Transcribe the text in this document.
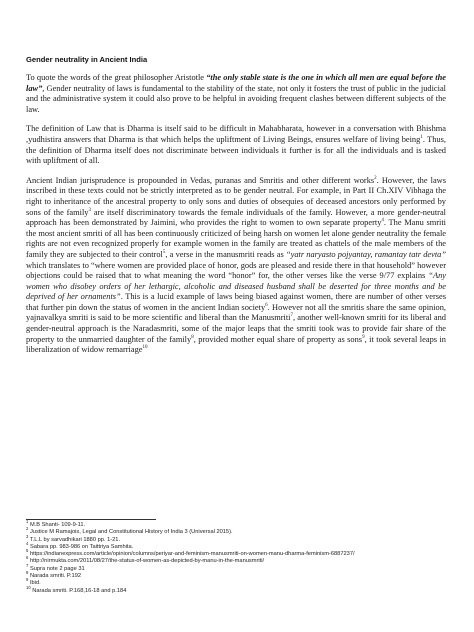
Gender neutrality in Ancient India

To quote the words of the great philosopher Aristotle “the only stable state is the one in which all men are equal before the law”, Gender neutrality of laws is fundamental to the stability of the state, not only it fosters the trust of public in the judicial and the administrative system it could also prove to be helpful in avoiding frequent clashes between different subjects of the law.

The definition of Law that is Dharma is itself said to be difficult in Mahabharata, however in a conversation with Bhishma ,yudhistira answers that Dharma is that which helps the upliftment of Living Beings, ensures welfare of living being$^1$. Thus, the definition of Dharma itself does not discriminate between individuals it further is for all the individuals and is tasked with upliftment of all.

Ancient Indian jurisprudence is propounded in Vedas, puranas and Smritis and other different works$^2$. However, the laws inscribed in these texts could not be strictly interpreted as to be gender neutral. For example, in Part II Ch.XIV Vibhaga the right to inheritance of the ancestral property to only sons and duties of obsequies of deceased ancestors only performed by sons of the family$^3$ are itself discriminatory towards the female individuals of the family. However, a more gender-neutral approach has been demonstrated by Jaimini, who provides the right to women to own separate property$^4$. The Manu smriti the most ancient smriti of all has been continuously criticized of being harsh on women let alone gender neutrality the female rights are not even recognized properly for example women in the family are treated as chattels of the male members of the family they are subjected to their control$^5$, a verse in the manusmriti reads as “yatr naryasto pojyantay, ramantay tatr devta” which translates to “where women are provided place of honor, gods are pleased and reside there in that household” however objections could be raised that to what meaning the word “honor” for, the other verses like the verse 9/77 explains “Any women who disobey orders of her lethargic, alcoholic and diseased husband shall be deserted for three months and be deprived of her ornaments”. This is a lucid example of laws being biased against women, there are number of other verses that further pin down the status of women in the ancient Indian society$^6$. However not all the smritis share the same opinion, yajnavalkya smriti is said to be more scientific and liberal than the Manusmriti$^7$, another well-known smriti for its liberal and gender-neutral approach is the Naradasmriti, some of the major leaps that the smriti took was to provide fair share of the property to the unmarried daughter of the family$^8$, provided mother equal share of property as sons$^9$, it took several leaps in liberalization of widow remarriage$^{10}$

$^1$ M.B Shanti- 109-9-11.
$^2$ Justice M Ramajois, Legal and Constitutional History of India 3 (Universal 2015).
$^3$ T.L.L by sarvadhikari 1880 pp. 1-21.
$^4$ Sabara pp. 983-986 on Taittriya Samhita.
$^5$ https://indianexpress.com/article/opinion/columns/periyar-and-feminism-manusmriti-on-women-manu-dharma-feminism-6887237/
$^6$ http://nirmukta.com/2011/08/27/the-status-of-women-as-depicted-by-manu-in-the-manusmriti/
$^7$ Supra note 2 page 31
$^8$ Narada smriti. P.192
$^9$ Ibid.
$^{10}$ Narada smriti. P.168,16-18 and p.184
